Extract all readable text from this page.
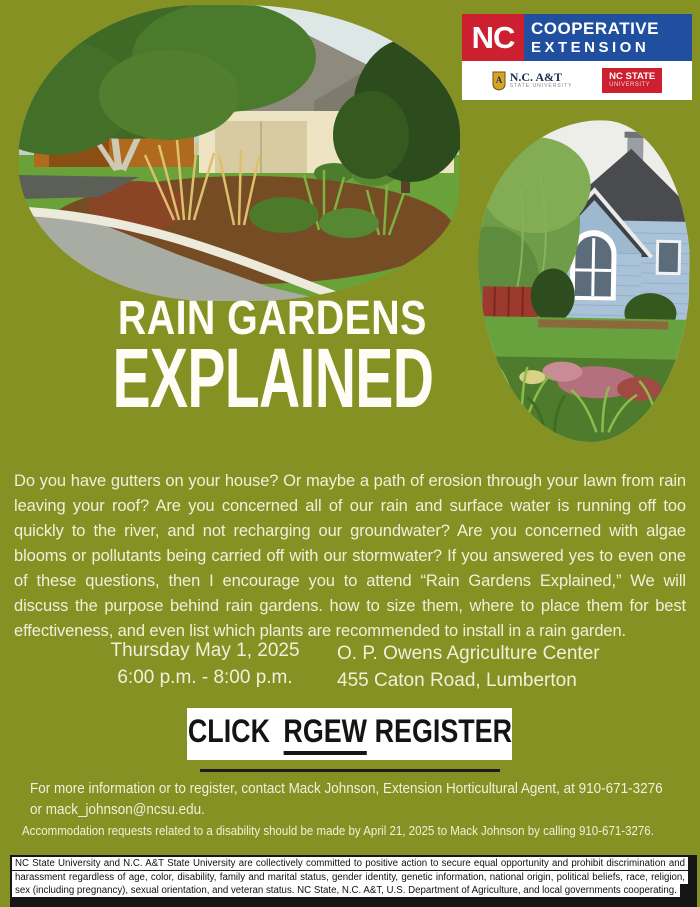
NC COOPERATIVE
EXTENSION
A N.C. A&T
STATE UNIVERSITY
NC STATE
UNIVERSITY
RAIN GARDENS
EXPLAINED

Do you have gutters on your house? Or maybe a path of erosion through your lawn from rain leaving your roof? Are you concerned all of our rain and surface water is running off too quickly to the river, and not recharging our groundwater? Are you concerned with algae blooms or pollutants being carried off with our stormwater? If you answered yes to even one of these questions, then I encourage you to attend “Rain Gardens Explained,” We will discuss the purpose behind rain gardens. how to size them, where to place them for best effectiveness, and even list which plants are recommended to install in a rain garden.

Thursday May 1, 2025
6:00 p.m. - 8:00 p.m.
O. P. Owens Agriculture Center
455 Caton Road, Lumberton
CLICK RGEW REGISTER
For more information or to register, contact Mack Johnson, Extension Horticultural Agent, at 910-671-3276
or mack_johnson@ncsu.edu.
Accommodation requests related to a disability should be made by April 21, 2025 to Mack Johnson by calling 910-671-3276.
NC State University and N.C. A&T State University are collectively committed to positive action to secure equal opportunity and prohibit discrimination and harassment regardless of age, color, disability, family and marital status, gender identity, genetic information, national origin, political beliefs, race, religion, sex (including pregnancy), sexual orientation, and veteran status. NC State, N.C. A&T, U.S. Department of Agriculture, and local governments cooperating.
